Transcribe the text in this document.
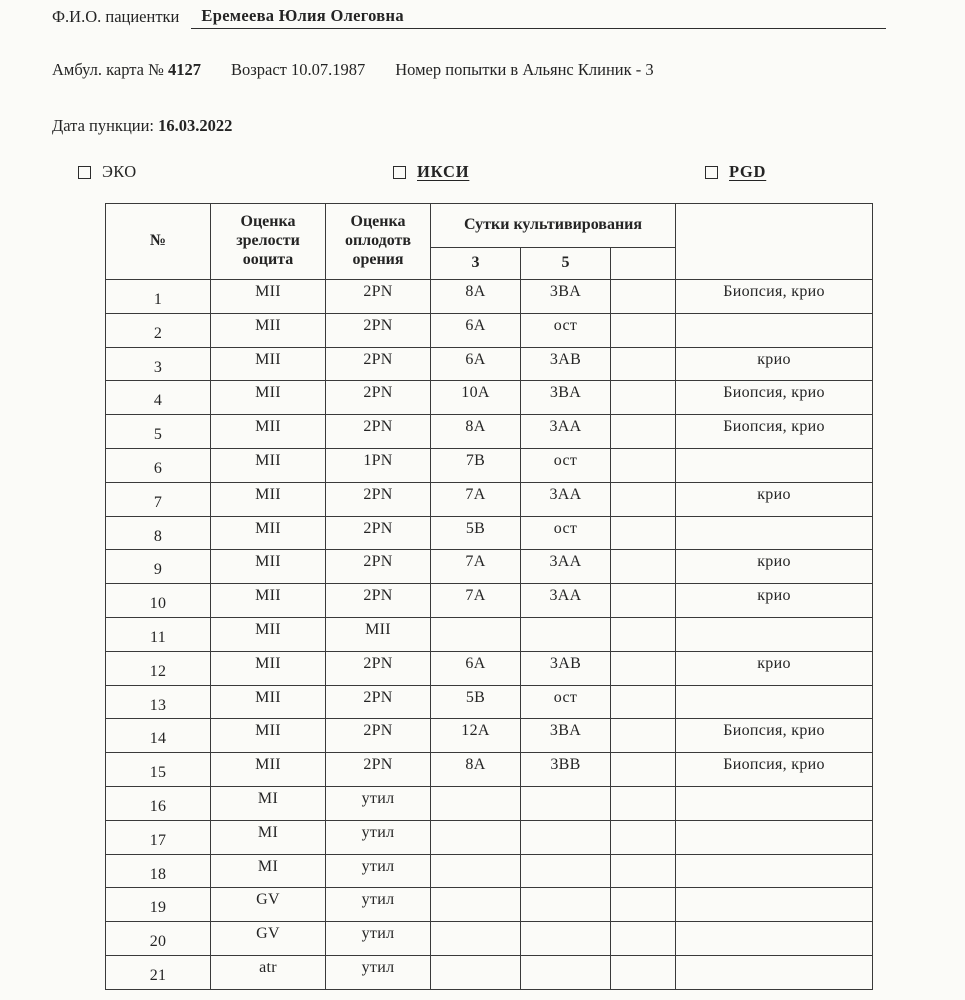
Ф.И.О. пациентки	Еремеева Юлия Олеговна
Амбул. карта № 4127 Возраст 10.07.1987 Номер попытки в Альянс Клиник - 3
Дата пункции: 16.03.2022
ЭКО	ИКСИ	PGD
№	Оценка зрелости ооцита	Оценка оплодотв орения	Сутки культивирования			
			3	5		
1	MII	2PN	8A	3BA		Биопсия, крио
2	MII	2PN	6A	ост		
3	MII	2PN	6A	3AB		крио
4	MII	2PN	10A	3BA		Биопсия, крио
5	MII	2PN	8A	3AA		Биопсия, крио
6	MII	1PN	7B	ост		
7	MII	2PN	7A	3AA		крио
8	MII	2PN	5B	ост		
9	MII	2PN	7A	3AA		крио
10	MII	2PN	7A	3AA		крио
11	MII	MII				
12	MII	2PN	6A	3AB		крио
13	MII	2PN	5B	ост		
14	MII	2PN	12A	3BA		Биопсия, крио
15	MII	2PN	8A	3BB		Биопсия, крио
16	MI	утил				
17	MI	утил				
18	MI	утил				
19	GV	утил				
20	GV	утил				
21	atr	утил				
